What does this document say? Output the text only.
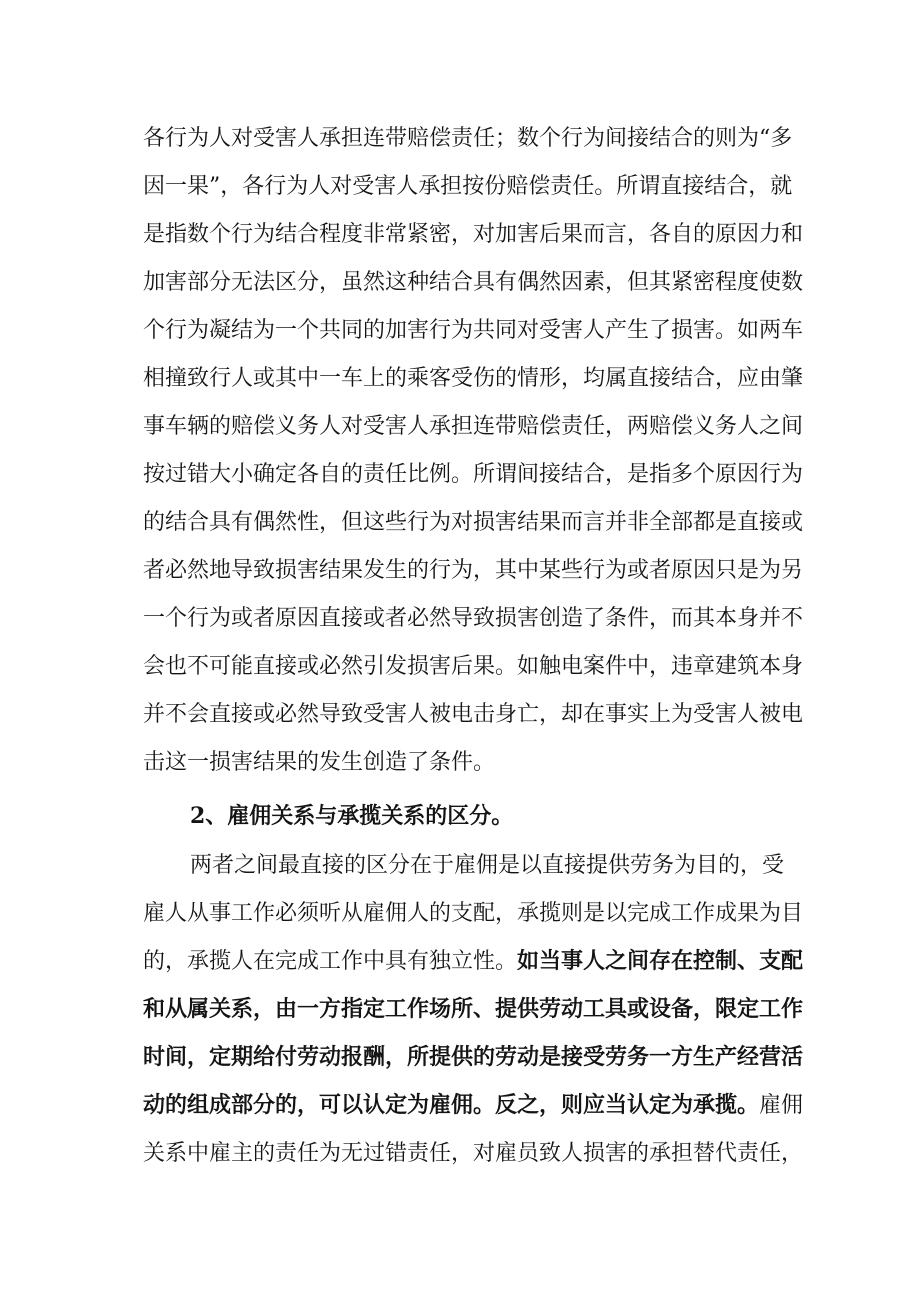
各行为人对受害人承担连带赔偿责任；数个行为间接结合的则为“多
因一果”，各行为人对受害人承担按份赔偿责任。所谓直接结合，就
是指数个行为结合程度非常紧密，对加害后果而言，各自的原因力和
加害部分无法区分，虽然这种结合具有偶然因素，但其紧密程度使数
个行为凝结为一个共同的加害行为共同对受害人产生了损害。如两车
相撞致行人或其中一车上的乘客受伤的情形，均属直接结合，应由肇
事车辆的赔偿义务人对受害人承担连带赔偿责任，两赔偿义务人之间
按过错大小确定各自的责任比例。所谓间接结合，是指多个原因行为
的结合具有偶然性，但这些行为对损害结果而言并非全部都是直接或
者必然地导致损害结果发生的行为，其中某些行为或者原因只是为另
一个行为或者原因直接或者必然导致损害创造了条件，而其本身并不
会也不可能直接或必然引发损害后果。如触电案件中，违章建筑本身
并不会直接或必然导致受害人被电击身亡，却在事实上为受害人被电
击这一损害结果的发生创造了条件。
2、雇佣关系与承揽关系的区分。
两者之间最直接的区分在于雇佣是以直接提供劳务为目的，受
雇人从事工作必须听从雇佣人的支配，承揽则是以完成工作成果为目
的，承揽人在完成工作中具有独立性。如当事人之间存在控制、支配
和从属关系，由一方指定工作场所、提供劳动工具或设备，限定工作
时间，定期给付劳动报酬，所提供的劳动是接受劳务一方生产经营活
动的组成部分的，可以认定为雇佣。反之，则应当认定为承揽。雇佣
关系中雇主的责任为无过错责任，对雇员致人损害的承担替代责任，
